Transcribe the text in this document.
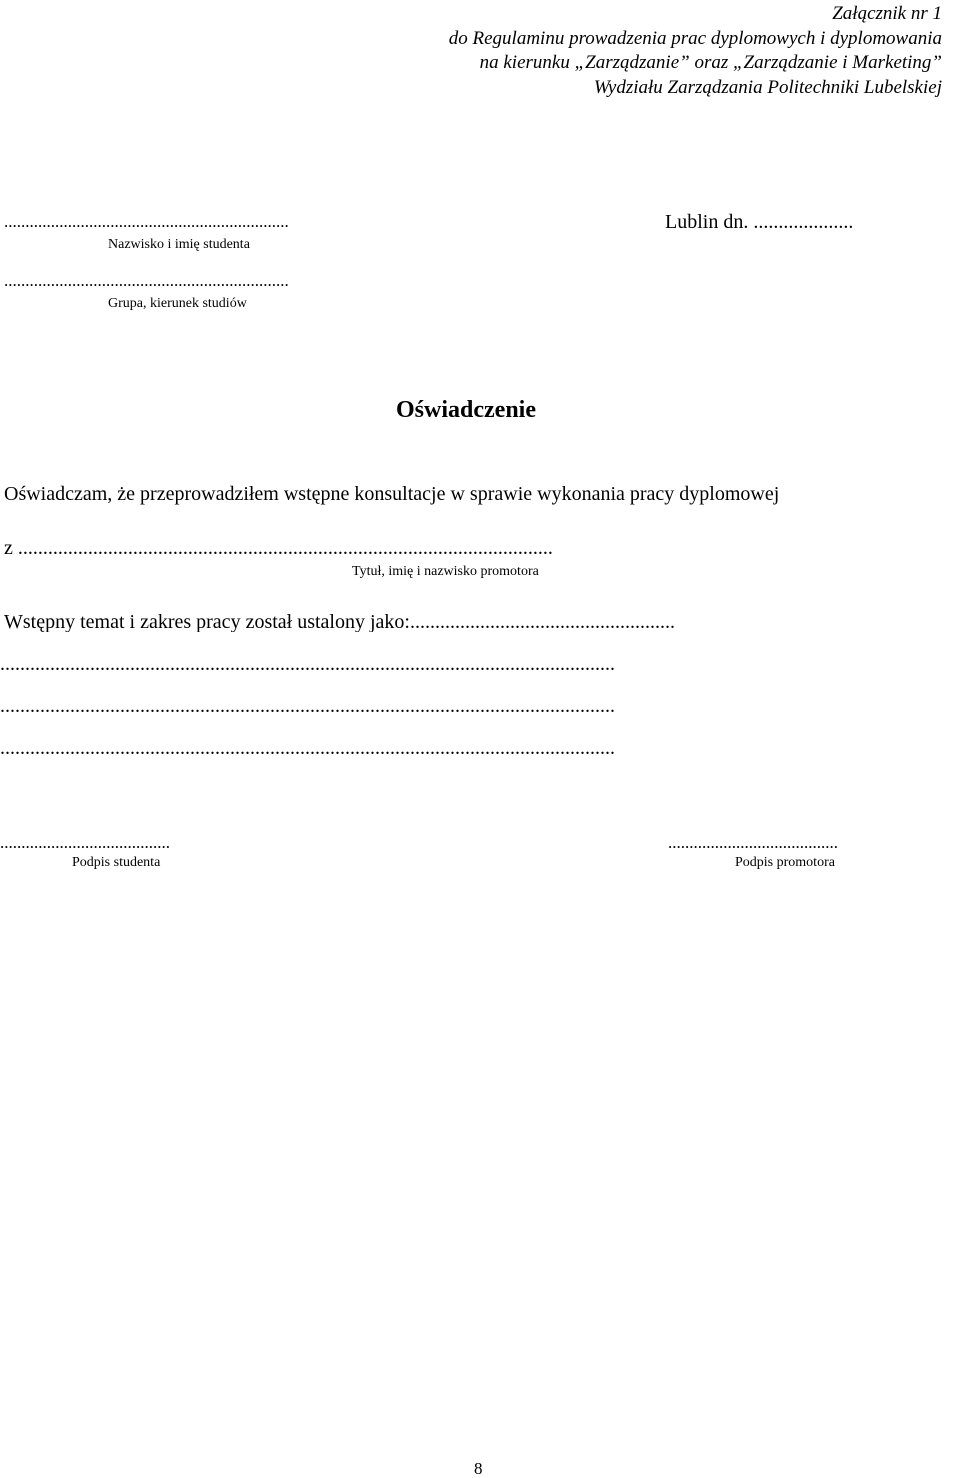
Załącznik nr 1
do Regulaminu prowadzenia prac dyplomowych i dyplomowania
na kierunku „Zarządzanie” oraz „Zarządzanie i Marketing”
Wydziału Zarządzania Politechniki Lubelskiej
...................................................................
Nazwisko i imię studenta
Lublin dn. ....................
...................................................................
Grupa, kierunek studiów
Oświadczenie
Oświadczam, że przeprowadziłem wstępne konsultacje w sprawie wykonania pracy dyplomowej
z ...........................................................................................................
Tytuł, imię i nazwisko promotora
Wstępny temat i zakres pracy został ustalony jako:.....................................................
...........................................................................................................................
...........................................................................................................................
...........................................................................................................................
........................................
Podpis studenta
........................................
Podpis promotora
8
